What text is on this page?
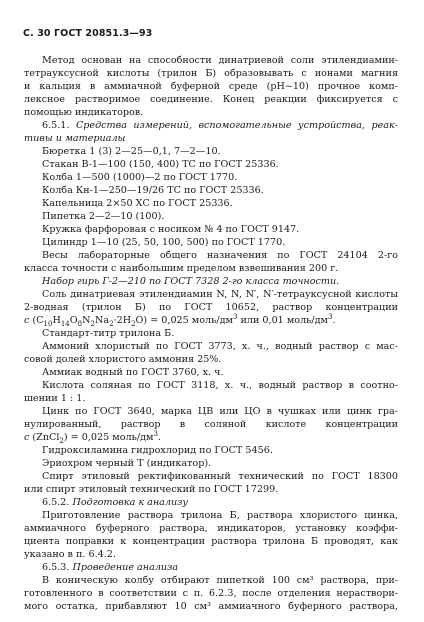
С. 30 ГОСТ 20851.3—93
Метод основан на способности динатриевой соли этилендиамин-
тетрауксусной кислоты (трилон Б) образовывать с ионами магния
и кальция в аммиачной буферной среде (рН~10) прочное комп-
лексное растворимое соединение. Конец реакции фиксируется с
помощью индикаторов.
6.5.1. Средства измерений, вспомогательные устройства, реак-
тивы и материалы
Бюретка 1 (3) 2—25—0,1, 7—2—10.
Стакан В-1—100 (150, 400) ТС по ГОСТ 25336.
Колба 1—500 (1000)—2 по ГОСТ 1770.
Колба Кн-1—250—19/26 ТС по ГОСТ 25336.
Капельница 2×50 ХС по ГОСТ 25336.
Пипетка 2—2—10 (100).
Кружка фарфоровая с носиком № 4 по ГОСТ 9147.
Цилиндр 1—10 (25, 50, 100, 500) по ГОСТ 1770.
Весы лабораторные общего назначения по ГОСТ 24104 2-го
класса точности с наибольшим пределом взвешивания 200 г.
Набор гирь Г-2—210 по ГОСТ 7328 2-го класса точности.
Соль динатриевая этилендиамин N, N, N′, N′-тетрауксусной кислоты
2-водная (трилон Б) по ГОСТ 10652, раствор концентрации
c $(C_{10}H_{14}O_8N_2Na_2\cdot 2H_2O) = 0,025$ моль/$дм^3$ или 0,01 моль/$дм^3$.
Стандарт-титр трилона Б.
Аммоний хлористый по ГОСТ 3773, х. ч., водный раствор с мас-
совой долей хлористого аммония 25%.
Аммиак водный по ГОСТ 3760, х. ч.
Кислота соляная по ГОСТ 3118, х. ч., водный раствор в соотно-
шении 1 : 1.
Цинк по ГОСТ 3640, марка ЦВ или ЦО в чушках или цинк гра-
нулированный, раствор в соляной кислоте концентрации
c (ZnCl$_2$) = 0,025 моль/$дм^3$.
Гидроксиламина гидрохлорид по ГОСТ 5456.
Эриохром черный Т (индикатор).
Спирт этиловый ректификованный технический по ГОСТ 18300
или спирт этиловый технический по ГОСТ 17299.
6.5.2. Подготовка к анализу
Приготовление раствора трилона Б, раствора хлористого цинка,
аммиачного буферного раствора, индикаторов, установку коэффи-
циента поправки к концентрации раствора трилона Б проводят, как
указано в п. 6.4.2.
6.5.3. Проведение анализа
В коническую колбу отбирают пипеткой 100 см³ раствора, при-
готовленного в соответствии с п. 6.2.3, после отделения нераствори-
мого остатка, прибавляют 10 см³ аммиачного буферного раствора,
